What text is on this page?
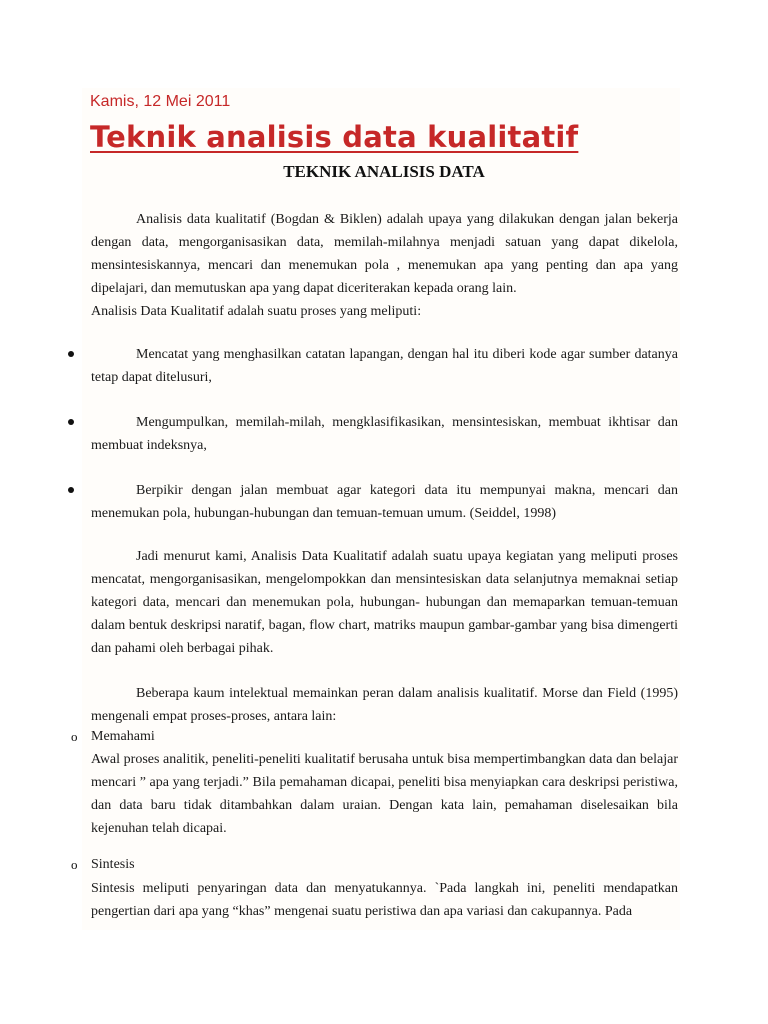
Kamis, 12 Mei 2011
Teknik analisis data kualitatif
TEKNIK ANALISIS DATA

Analisis data kualitatif (Bogdan & Biklen) adalah upaya yang dilakukan dengan jalan bekerja dengan data, mengorganisasikan data, memilah-milahnya menjadi satuan yang dapat dikelola, mensintesiskannya, mencari dan menemukan pola , menemukan apa yang penting dan apa yang dipelajari, dan memutuskan apa yang dapat diceriterakan kepada orang lain.

Analisis Data Kualitatif adalah suatu proses yang meliputi:

Mencatat yang menghasilkan catatan lapangan, dengan hal itu diberi kode agar sumber datanya tetap dapat ditelusuri,

Mengumpulkan, memilah-milah, mengklasifikasikan, mensintesiskan, membuat ikhtisar dan membuat indeksnya,

Berpikir dengan jalan membuat agar kategori data itu mempunyai makna, mencari dan menemukan pola, hubungan-hubungan dan temuan-temuan umum. (Seiddel, 1998)

Jadi menurut kami, Analisis Data Kualitatif adalah suatu upaya kegiatan yang meliputi proses mencatat, mengorganisasikan, mengelompokkan dan mensintesiskan data selanjutnya memaknai setiap kategori data, mencari dan menemukan pola, hubungan- hubungan dan memaparkan temuan-temuan dalam bentuk deskripsi naratif, bagan, flow chart, matriks maupun gambar-gambar yang bisa dimengerti dan pahami oleh berbagai pihak.

Beberapa kaum intelektual memainkan peran dalam analisis kualitatif. Morse dan Field (1995) mengenali empat proses-proses, antara lain:

o Memahami

Awal proses analitik, peneliti-peneliti kualitatif berusaha untuk bisa mempertimbangkan data dan belajar mencari ” apa yang terjadi.” Bila pemahaman dicapai, peneliti bisa menyiapkan cara deskripsi peristiwa, dan data baru tidak ditambahkan dalam uraian. Dengan kata lain, pemahaman diselesaikan bila kejenuhan telah dicapai.

o Sintesis

Sintesis meliputi penyaringan data dan menyatukannya. `Pada langkah ini, peneliti mendapatkan pengertian dari apa yang “khas” mengenai suatu peristiwa dan apa variasi dan cakupannya. Pada
